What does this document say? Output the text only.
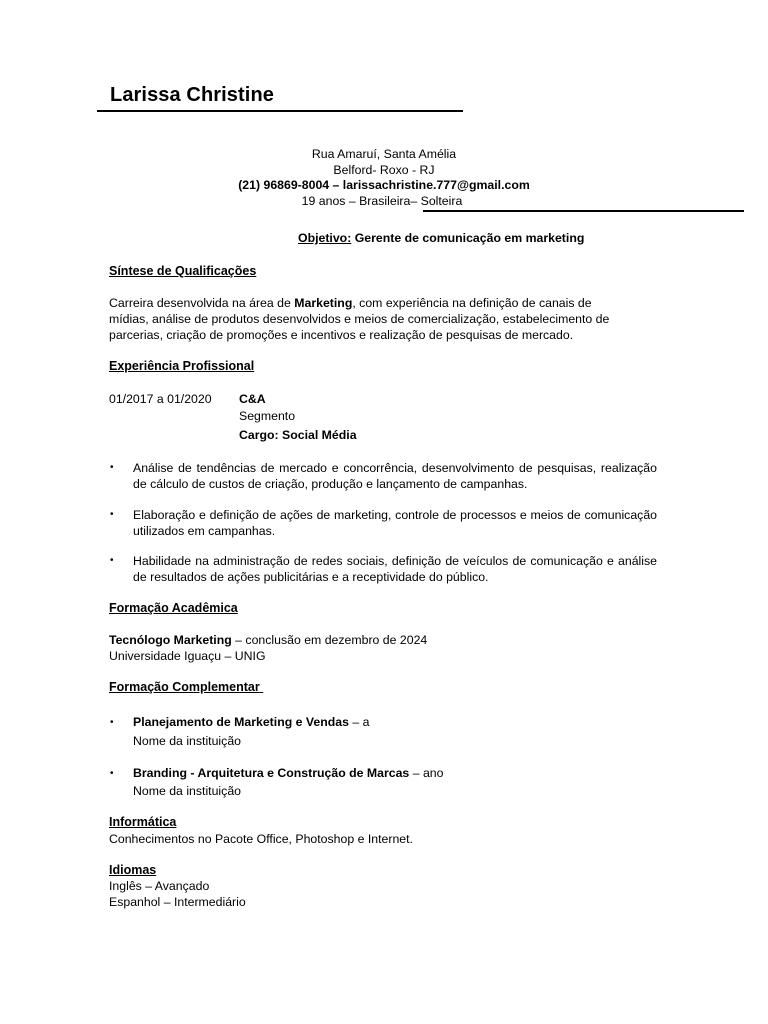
Larissa Christine
Rua Amaruí, Santa Amélia
Belford- Roxo - RJ
(21) 96869-8004 – larissachristine.777@gmail.com
19 anos – Brasileira– Solteira
Objetivo: Gerente de comunicação em marketing
Síntese de Qualificações
Carreira desenvolvida na área de Marketing, com experiência na definição de canais de
mídias, análise de produtos desenvolvidos e meios de comercialização, estabelecimento de
parcerias, criação de promoções e incentivos e realização de pesquisas de mercado.
Experiência Profissional
01/2017 a 01/2020 C&A
Segmento
Cargo: Social Média
• Análise de tendências de mercado e concorrência, desenvolvimento de pesquisas, realização de cálculo de custos de criação, produção e lançamento de campanhas.
• Elaboração e definição de ações de marketing, controle de processos e meios de comunicação utilizados em campanhas.
• Habilidade na administração de redes sociais, definição de veículos de comunicação e análise de resultados de ações publicitárias e a receptividade do público.
Formação Acadêmica
Tecnólogo Marketing – conclusão em dezembro de 2024
Universidade Iguaçu – UNIG
Formação Complementar
• Planejamento de Marketing e Vendas – a
Nome da instituição
• Branding - Arquitetura e Construção de Marcas – ano
Nome da instituição
Informática
Conhecimentos no Pacote Office, Photoshop e Internet.
Idiomas
Inglês – Avançado
Espanhol – Intermediário
